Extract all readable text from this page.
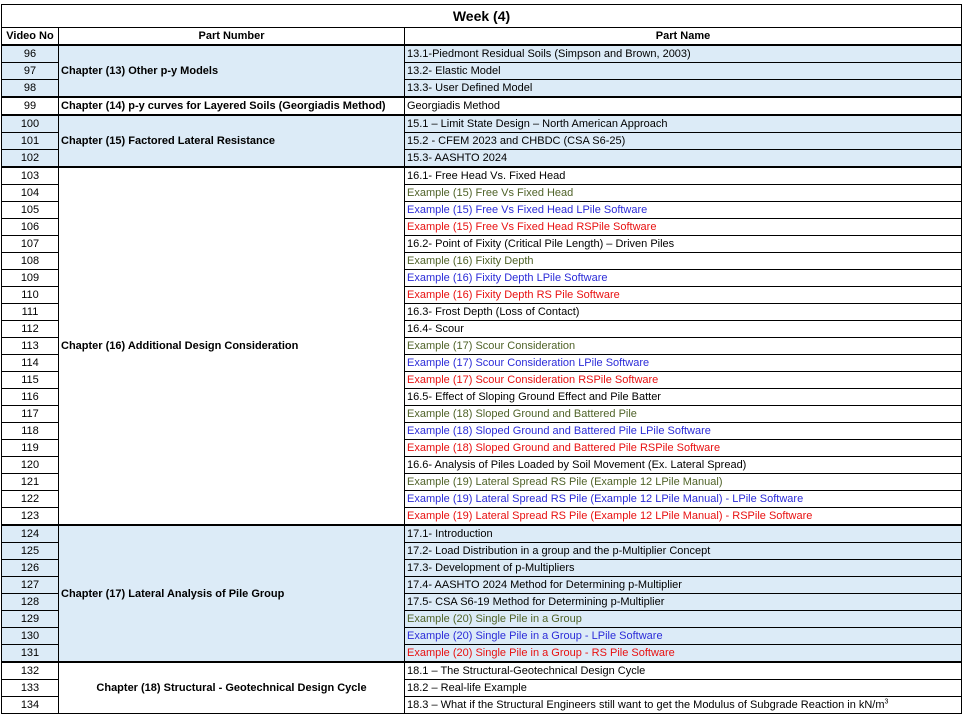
Week (4)		
Video No	Part Number	Part Name
96	Chapter (13) Other p-y Models	13.1-Piedmont Residual Soils (Simpson and Brown, 2003)
97		13.2- Elastic Model
98		13.3- User Defined Model
99	Chapter (14) p-y curves for Layered Soils (Georgiadis Method)	Georgiadis Method
100	Chapter (15) Factored Lateral Resistance	15.1 – Limit State Design – North American Approach
101		15.2 - CFEM 2023 and CHBDC (CSA S6-25)
102		15.3- AASHTO 2024
103	Chapter (16) Additional Design Consideration	16.1- Free Head Vs. Fixed Head
104		Example (15) Free Vs Fixed Head
105		Example (15) Free Vs Fixed Head LPile Software
106		Example (15) Free Vs Fixed Head RSPile Software
107		16.2- Point of Fixity (Critical Pile Length) – Driven Piles
108		Example (16) Fixity Depth
109		Example (16) Fixity Depth LPile Software
110		Example (16) Fixity Depth RS Pile Software
111		16.3- Frost Depth (Loss of Contact)
112		16.4- Scour
113		Example (17) Scour Consideration
114		Example (17) Scour Consideration LPile Software
115		Example (17) Scour Consideration RSPile Software
116		16.5- Effect of Sloping Ground Effect and Pile Batter
117		Example (18) Sloped Ground and Battered Pile
118		Example (18) Sloped Ground and Battered Pile LPile Software
119		Example (18) Sloped Ground and Battered Pile RSPile Software
120		16.6- Analysis of Piles Loaded by Soil Movement (Ex. Lateral Spread)
121		Example (19) Lateral Spread RS Pile (Example 12 LPile Manual)
122		Example (19) Lateral Spread RS Pile (Example 12 LPile Manual) - LPile Software
123		Example (19) Lateral Spread RS Pile (Example 12 LPile Manual) - RSPile Software
124	Chapter (17) Lateral Analysis of Pile Group	17.1- Introduction
125		17.2- Load Distribution in a group and the p-Multiplier Concept
126		17.3- Development of p-Multipliers
127		17.4- AASHTO 2024 Method for Determining p-Multiplier
128		17.5- CSA S6-19 Method for Determining p-Multiplier
129		Example (20) Single Pile in a Group
130		Example (20) Single Pile in a Group - LPile Software
131		Example (20) Single Pile in a Group - RS Pile Software
132	Chapter (18) Structural - Geotechnical Design Cycle	18.1 – The Structural-Geotechnical Design Cycle
133		18.2 – Real-life Example
134		18.3 – What if the Structural Engineers still want to get the Modulus of Subgrade Reaction in $kN/m^3$
